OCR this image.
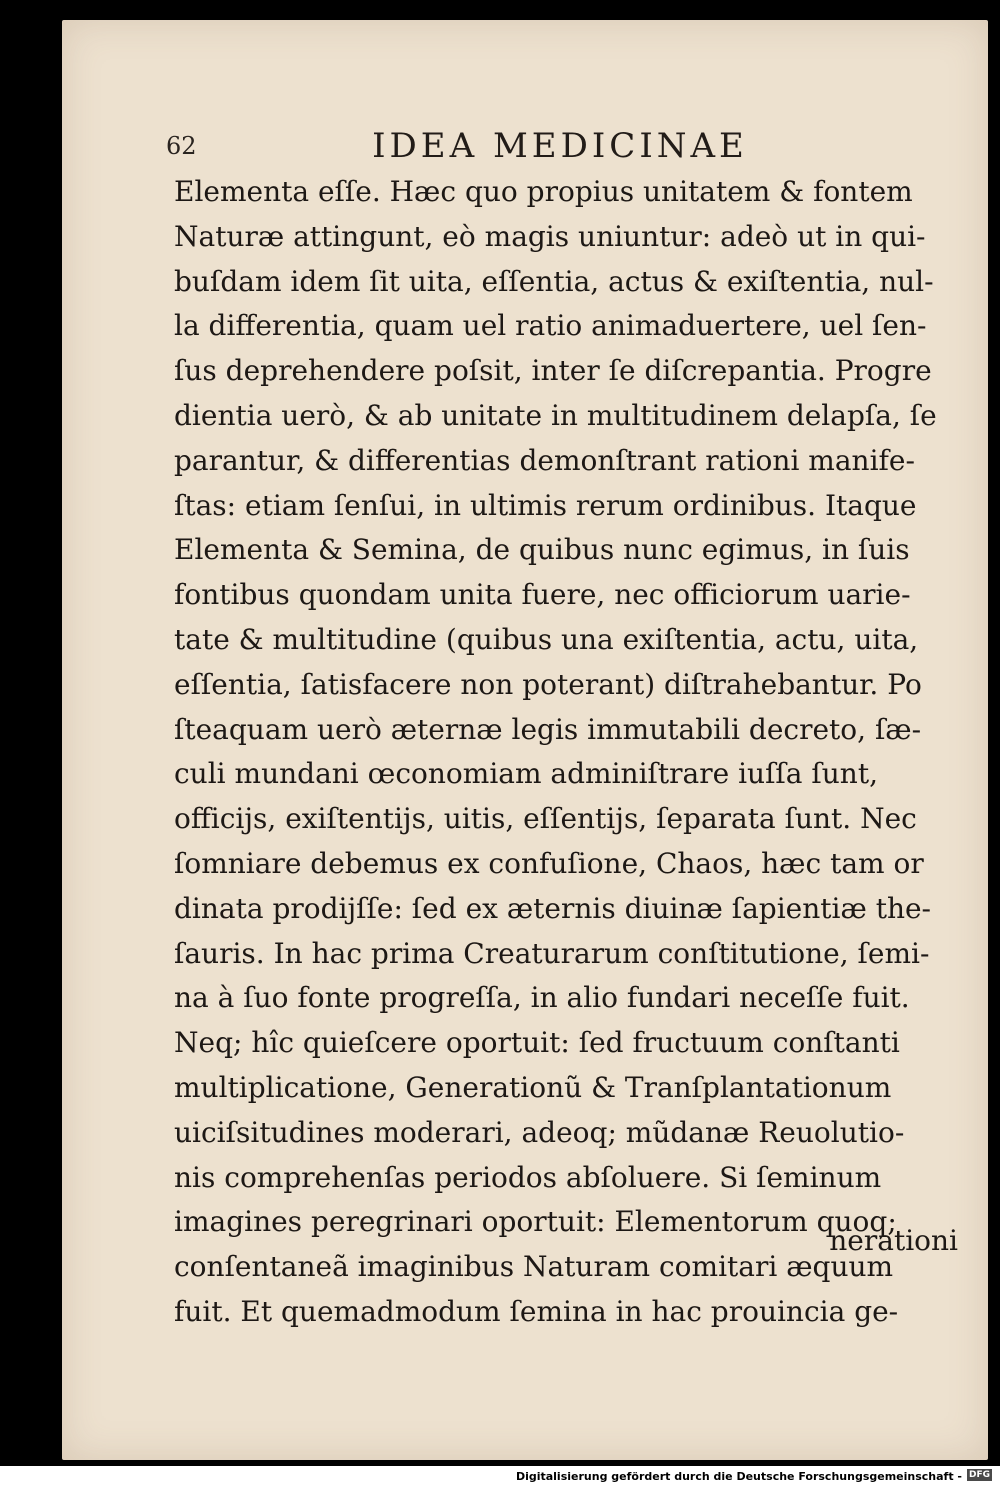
62	IDEA MEDICINAE
Elementa eſſe. Hæc quo propius unitatem & fontem
Naturæ attingunt, eò magis uniuntur: adeò ut in qui-
buſdam idem ſit uita, eſſentia, actus & exiſtentia, nul-
la differentia, quam uel ratio animaduertere, uel ſen-
ſus deprehendere poſsit, inter ſe diſcrepantia. Progre
dientia uerò, & ab unitate in multitudinem delapſa, ſe
parantur, & differentias demonſtrant rationi manife-
ſtas: etiam ſenſui, in ultimis rerum ordinibus. Itaque
Elementa & Semina, de quibus nunc egimus, in ſuis
fontibus quondam unita fuere, nec officiorum uarie-
tate & multitudine (quibus una exiſtentia, actu, uita,
eſſentia, ſatisfacere non poterant) diſtrahebantur. Po
ſteaquam uerò æternæ legis immutabili decreto, ſæ-
culi mundani œconomiam adminiſtrare iuſſa ſunt,
officijs, exiſtentijs, uitis, eſſentijs, ſeparata ſunt. Nec
ſomniare debemus ex confuſione, Chaos, hæc tam or
dinata prodijſſe: ſed ex æternis diuinæ ſapientiæ the-
ſauris. In hac prima Creaturarum conſtitutione, ſemi-
na à ſuo fonte progreſſa, in alio fundari neceſſe fuit.
Neq; hîc quieſcere oportuit: ſed fructuum conſtanti
multiplicatione, Generationũ & Tranſplantationum
uiciſsitudines moderari, adeoq; mũdanæ Reuolutio-
nis comprehenſas periodos abſoluere. Si ſeminum
imagines peregrinari oportuit: Elementorum quoq;
conſentaneã imaginibus Naturam comitari æquum
fuit. Et quemadmodum ſemina in hac prouincia ge-
nerationi
Digitalisierung gefördert durch die Deutsche Forschungsgemeinschaft - DFG
